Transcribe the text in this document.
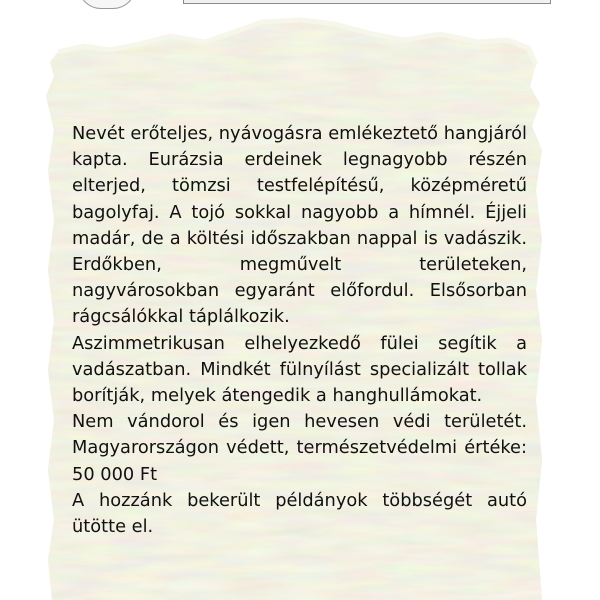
Nevét erőteljes, nyávogásra emlékeztető hangjáról kapta. Eurázsia erdeinek legnagyobb részén elterjed, tömzsi testfelépítésű, középméretű bagolyfaj. A tojó sokkal nagyobb a hímnél. Éjjeli madár, de a költési időszakban nappal is vadászik. Erdőkben, megművelt területeken, nagyvárosokban egyaránt előfordul. Elsősorban rágcsálókkal táplálkozik.

Aszimmetrikusan elhelyezkedő fülei segítik a vadászatban. Mindkét fülnyílást specializált tollak borítják, melyek átengedik a hanghullámokat.

Nem vándorol és igen hevesen védi területét. Magyarországon védett, természetvédelmi értéke: 50 000 Ft

A hozzánk bekerült példányok többségét autó ütötte el.
